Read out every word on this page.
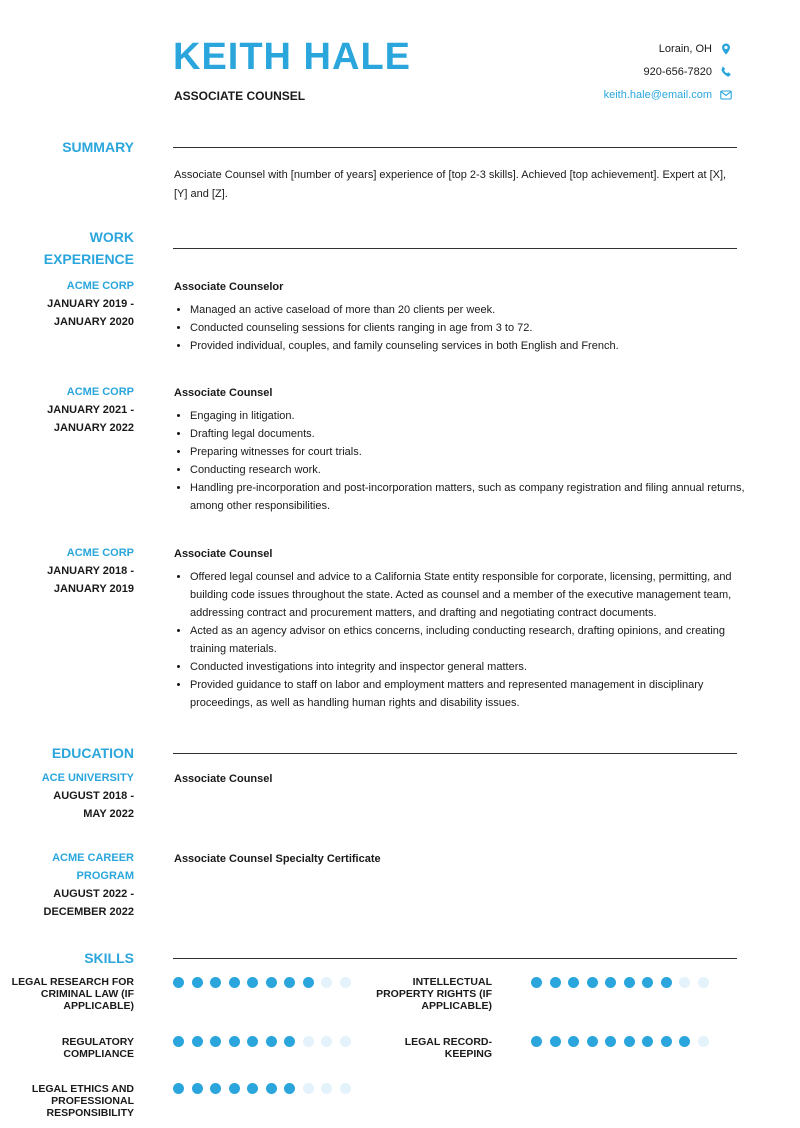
KEITH HALE
ASSOCIATE COUNSEL
Lorain, OH
920-656-7820
keith.hale@email.com
SUMMARY
Associate Counsel with [number of years] experience of [top 2-3 skills]. Achieved [top achievement]. Expert at [X], [Y] and [Z].
WORK
EXPERIENCE
ACME CORP
JANUARY 2019 -
JANUARY 2020
Associate Counselor
• Managed an active caseload of more than 20 clients per week.
• Conducted counseling sessions for clients ranging in age from 3 to 72.
• Provided individual, couples, and family counseling services in both English and French.
ACME CORP
JANUARY 2021 -
JANUARY 2022
Associate Counsel
• Engaging in litigation.
• Drafting legal documents.
• Preparing witnesses for court trials.
• Conducting research work.
• Handling pre-incorporation and post-incorporation matters, such as company registration and filing annual returns, among other responsibilities.
ACME CORP
JANUARY 2018 -
JANUARY 2019
Associate Counsel
• Offered legal counsel and advice to a California State entity responsible for corporate, licensing, permitting, and building code issues throughout the state. Acted as counsel and a member of the executive management team, addressing contract and procurement matters, and drafting and negotiating contract documents.
• Acted as an agency advisor on ethics concerns, including conducting research, drafting opinions, and creating training materials.
• Conducted investigations into integrity and inspector general matters.
• Provided guidance to staff on labor and employment matters and represented management in disciplinary proceedings, as well as handling human rights and disability issues.
EDUCATION
ACE UNIVERSITY
AUGUST 2018 -
MAY 2022
Associate Counsel
ACME CAREER
PROGRAM
AUGUST 2022 -
DECEMBER 2022
Associate Counsel Specialty Certificate
SKILLS
LEGAL RESEARCH FOR
CRIMINAL LAW (IF
APPLICABLE)
INTELLECTUAL
PROPERTY RIGHTS (IF
APPLICABLE)
REGULATORY
COMPLIANCE
LEGAL RECORD-
KEEPING
LEGAL ETHICS AND
PROFESSIONAL
RESPONSIBILITY
